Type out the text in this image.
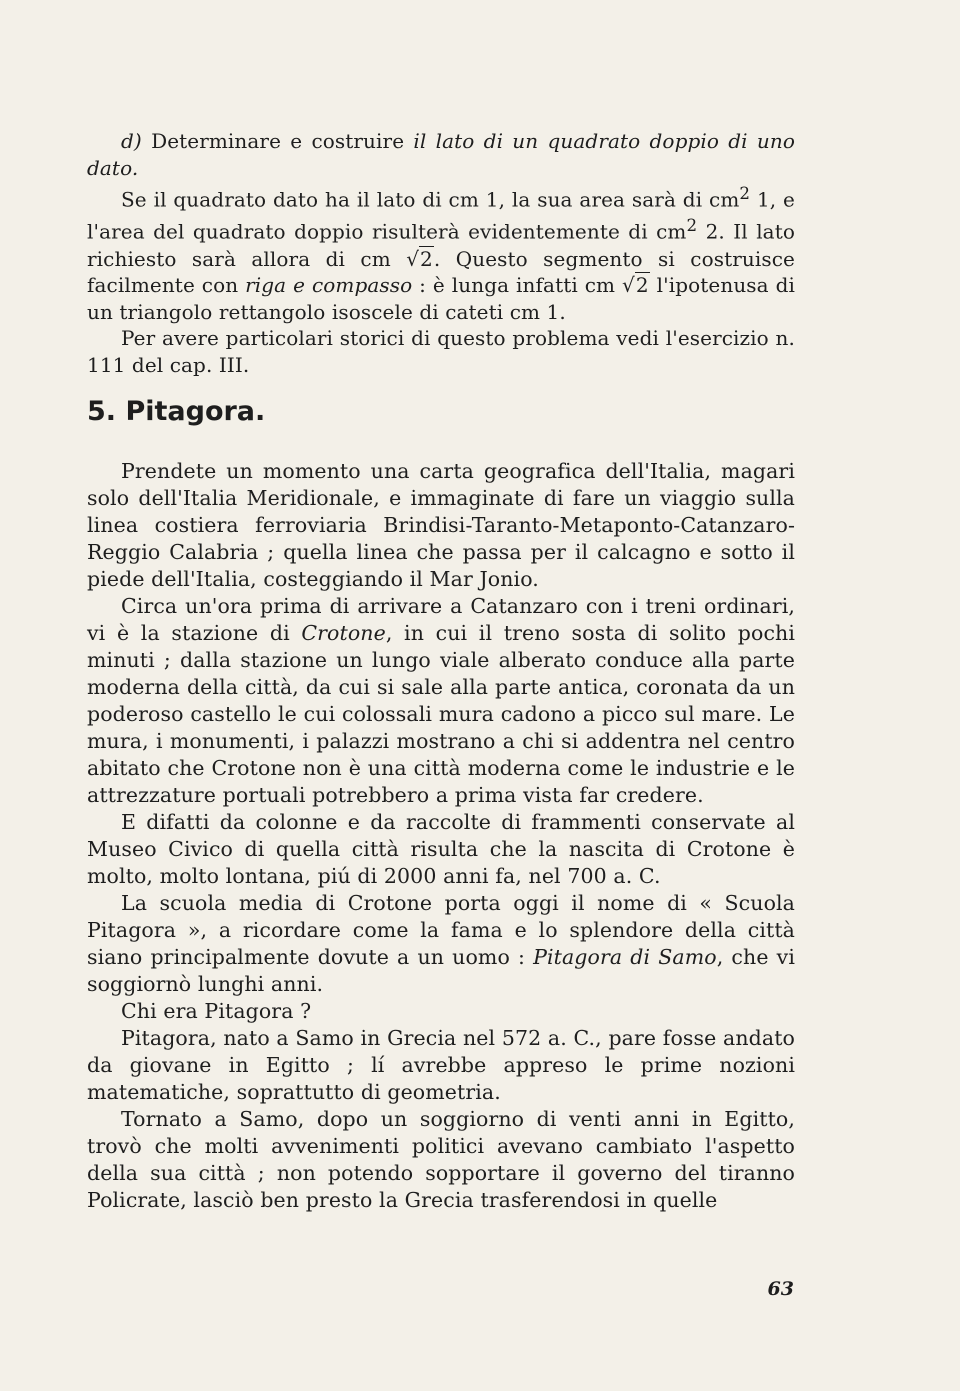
d) Determinare e costruire il lato di un quadrato doppio di uno dato.

Se il quadrato dato ha il lato di cm 1, la sua area sarà di $cm^2$ 1, e l'area del quadrato doppio risulterà evidentemente di $cm^2$ 2. Il lato richiesto sarà allora di cm √2. Questo segmento si costruisce facilmente con riga e compasso : è lunga infatti cm √2 l'ipotenusa di un triangolo rettangolo isoscele di cateti cm 1.

Per avere particolari storici di questo problema vedi l'esercizio n. 111 del cap. III.

5. Pitagora.

Prendete un momento una carta geografica dell'Italia, magari solo dell'Italia Meridionale, e immaginate di fare un viaggio sulla linea costiera ferroviaria Brindisi-Taranto-Metaponto-Catanzaro-Reggio Calabria ; quella linea che passa per il calcagno e sotto il piede dell'Italia, costeggiando il Mar Jonio.

Circa un'ora prima di arrivare a Catanzaro con i treni ordinari, vi è la stazione di Crotone, in cui il treno sosta di solito pochi minuti ; dalla stazione un lungo viale alberato conduce alla parte moderna della città, da cui si sale alla parte antica, coronata da un poderoso castello le cui colossali mura cadono a picco sul mare. Le mura, i monumenti, i palazzi mostrano a chi si addentra nel centro abitato che Crotone non è una città moderna come le industrie e le attrezzature portuali potrebbero a prima vista far credere.

E difatti da colonne e da raccolte di frammenti conservate al Museo Civico di quella città risulta che la nascita di Crotone è molto, molto lontana, piú di 2000 anni fa, nel 700 a. C.

La scuola media di Crotone porta oggi il nome di « Scuola Pitagora », a ricordare come la fama e lo splendore della città siano principalmente dovute a un uomo : Pitagora di Samo, che vi soggiornò lunghi anni.

Chi era Pitagora ?

Pitagora, nato a Samo in Grecia nel 572 a. C., pare fosse andato da giovane in Egitto ; lí avrebbe appreso le prime nozioni matematiche, soprattutto di geometria.

Tornato a Samo, dopo un soggiorno di venti anni in Egitto, trovò che molti avvenimenti politici avevano cambiato l'aspetto della sua città ; non potendo sopportare il governo del tiranno Policrate, lasciò ben presto la Grecia trasferendosi in quelle

63
